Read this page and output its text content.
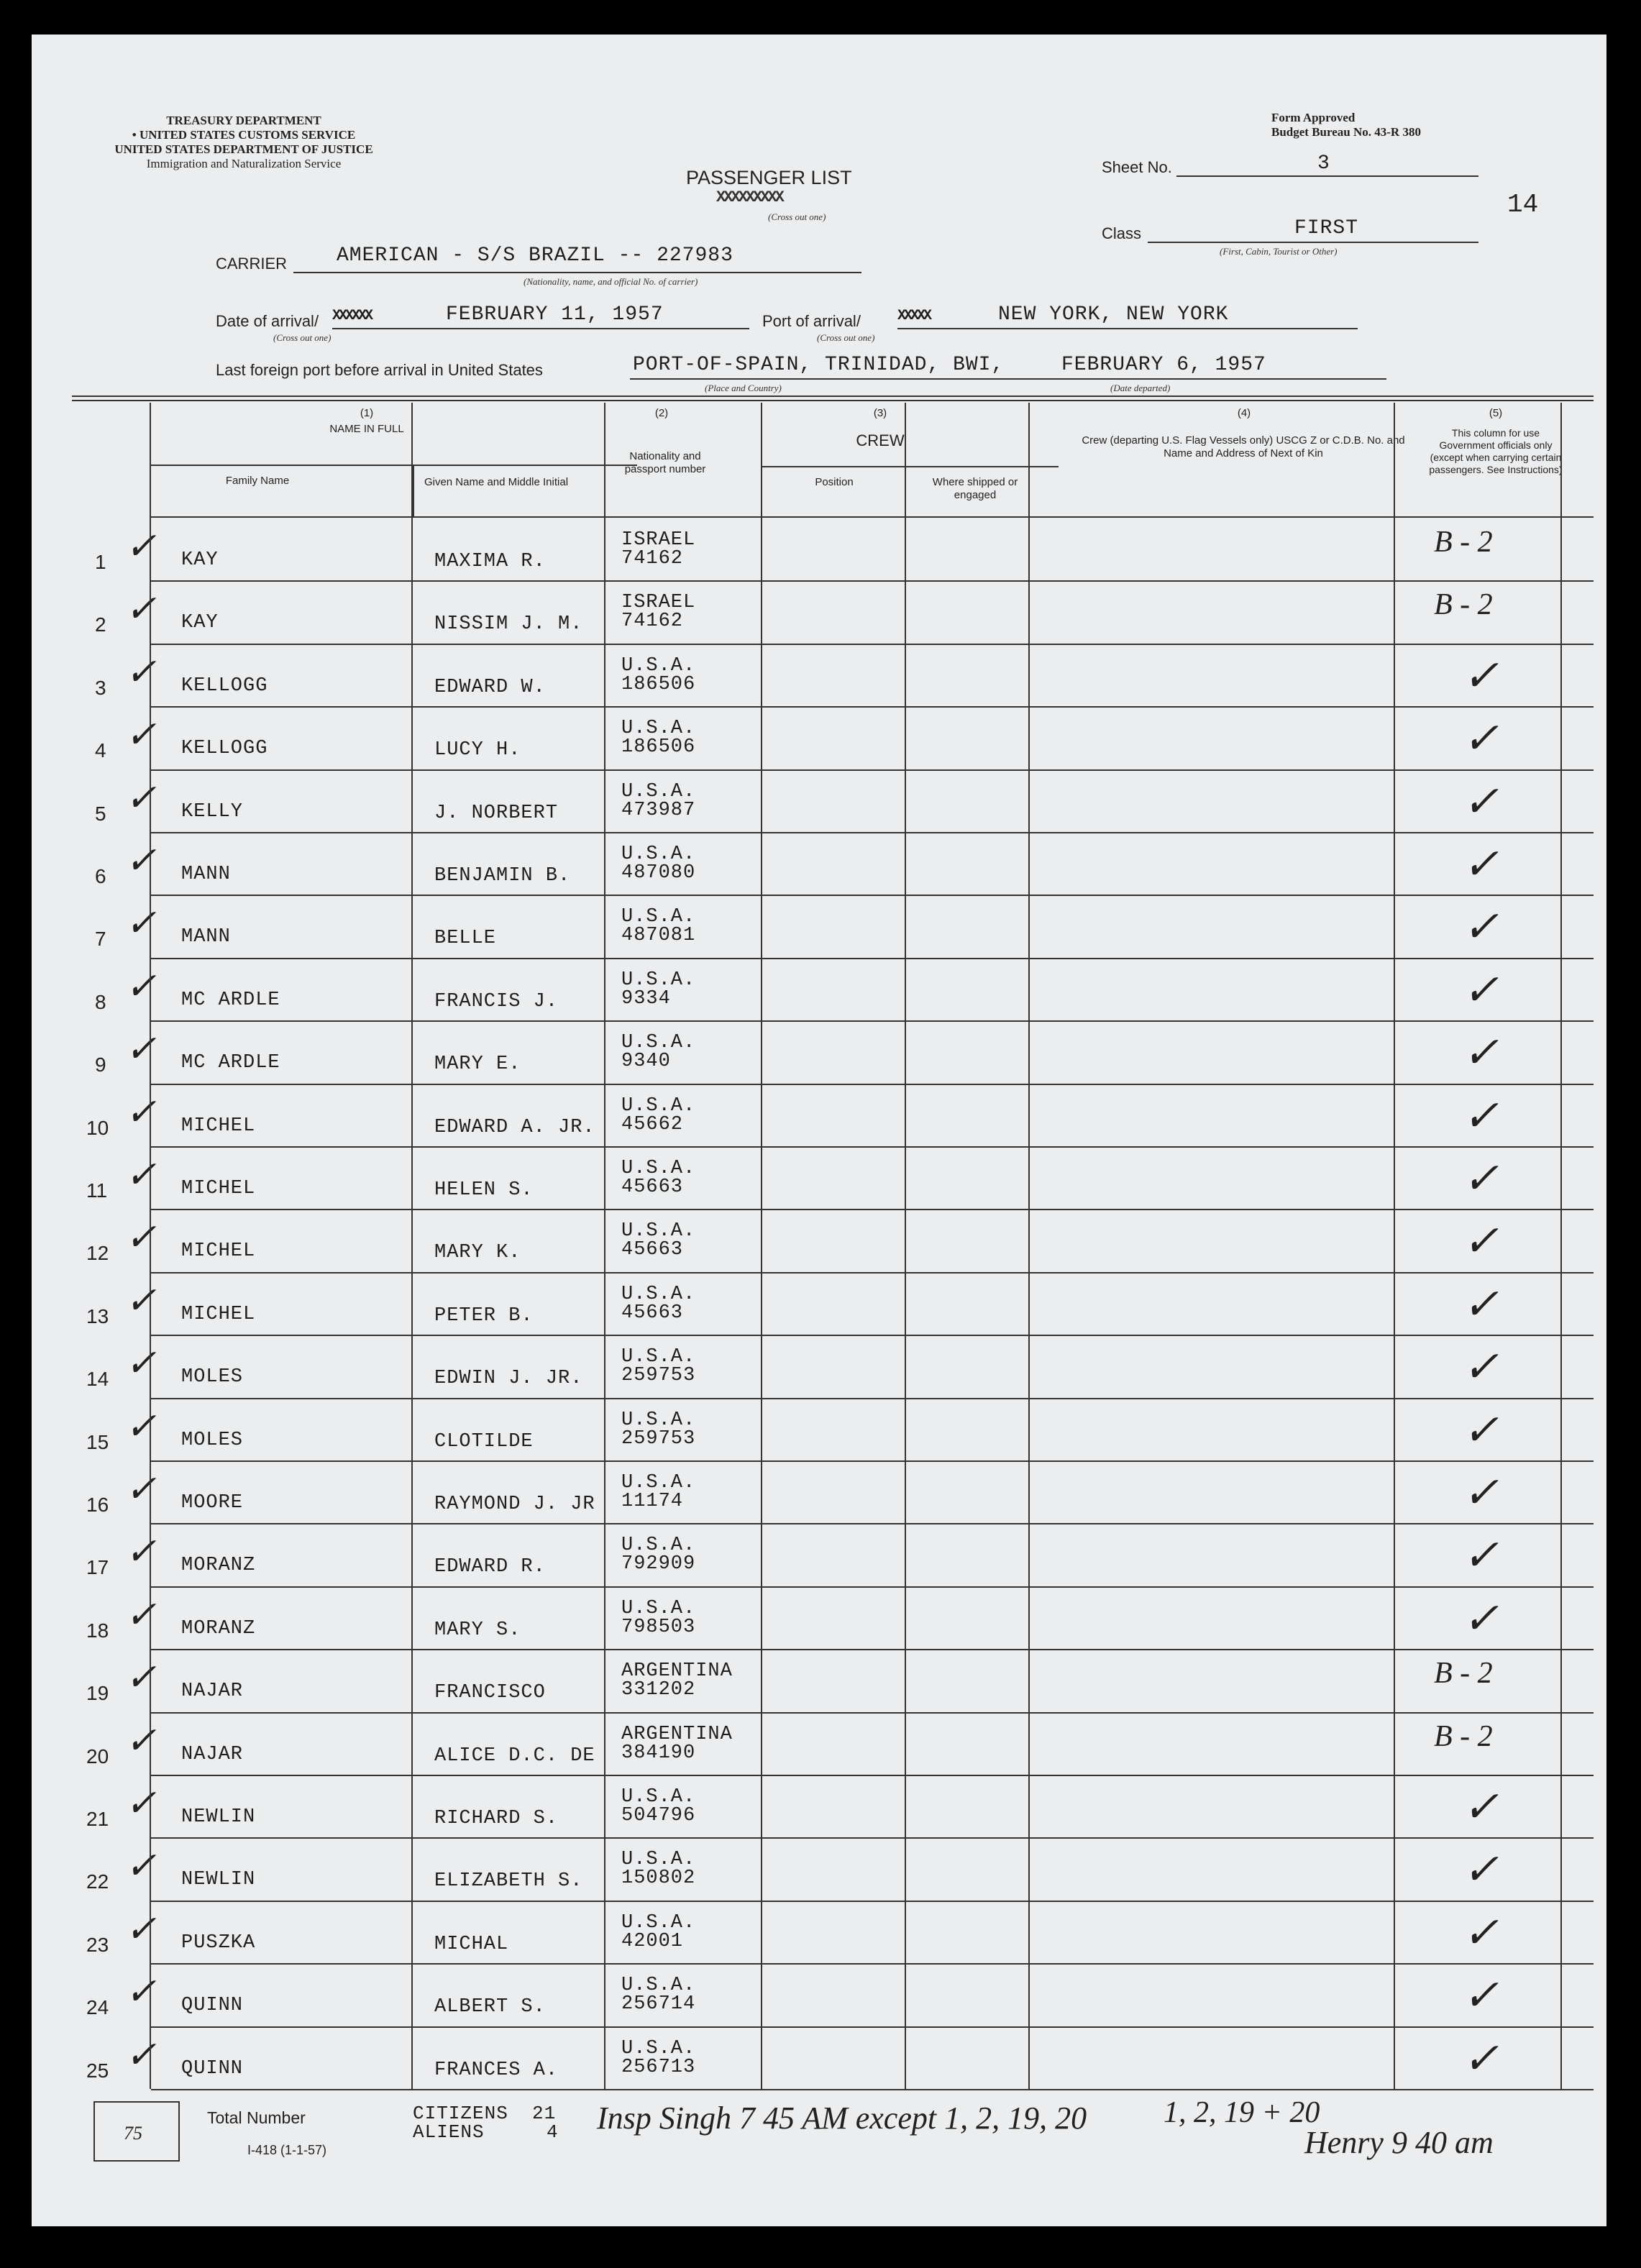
TREASURY DEPARTMENT
• UNITED STATES CUSTOMS SERVICE
UNITED STATES DEPARTMENT OF JUSTICE
Immigration and Naturalization Service
Form Approved
Budget Bureau No. 43-R 380
PASSENGER LIST
XXXXXXXXX
(Cross out one)
Sheet No.	3
14
Class	FIRST
(First, Cabin, Tourist or Other)
CARRIER AMERICAN - S/S BRAZIL -- 227983
(Nationality, name, and official No. of carrier)
Date of arrival/ XXXXXX	FEBRUARY 11, 1957
(Cross out one)
Port of arrival/	XXXXX	NEW YORK, NEW YORK
(Cross out one)
Last foreign port before arrival in United States	PORT-OF-SPAIN, TRINIDAD, BWI,
(Place and Country)
FEBRUARY 6, 1957
(Date departed)
(1)
NAME IN FULL
Family Name	Given Name and Middle Initial
(2)
Nationality and passport number
(3)
CREW
Position	Where shipped or engaged
(4)
Crew (departing U.S. Flag Vessels only) USCG Z or C.D.B. No. and Name and Address of Next of Kin
(5)
This column for use Government officials only (except when carrying certain passengers. See Instructions)
1	KAY	MAXIMA R.
ISRAEL
74162	B - 2
✓
2	KAY	NISSIM J. M.
ISRAEL
74162	B - 2
✓
3	KELLOGG	EDWARD W.
U.S.A.
186506	✓
✓
4	KELLOGG	LUCY H.
U.S.A.
186506	✓
✓
5	KELLY	J. NORBERT
U.S.A.
473987	✓
✓
6	MANN	BENJAMIN B.
U.S.A.
487080	✓
✓
7	MANN	BELLE
U.S.A.
487081	✓
✓
8	MC ARDLE	FRANCIS J.
U.S.A.
9334	✓
✓
9	MC ARDLE	MARY E.
U.S.A.
9340	✓
✓
10	MICHEL	EDWARD A. JR.
U.S.A.
45662	✓
✓
11	MICHEL	HELEN S.
U.S.A.
45663	✓
✓
12	MICHEL	MARY K.
U.S.A.
45663	✓
✓
13	MICHEL	PETER B.
U.S.A.
45663	✓
✓
14	MOLES	EDWIN J. JR.
U.S.A.
259753	✓
✓
15	MOLES	CLOTILDE
U.S.A.
259753	✓
✓
16	MOORE	RAYMOND J. JR
U.S.A.
11174	✓
✓
17	MORANZ	EDWARD R.
U.S.A.
792909	✓
✓
18	MORANZ	MARY S.
U.S.A.
798503	✓
✓
19	NAJAR	FRANCISCO
ARGENTINA
331202	B - 2
✓
20	NAJAR	ALICE D.C. DE
ARGENTINA
384190	B - 2
✓
21	NEWLIN	RICHARD S.
U.S.A.
504796	✓
✓
22	NEWLIN	ELIZABETH S.
U.S.A.
150802	✓
✓
23	PUSZKA	MICHAL
U.S.A.
42001	✓
✓
24	QUINN	ALBERT S.
U.S.A.
256714	✓
✓
25	QUINN	FRANCES A.
U.S.A.
256713	✓
✓
75
Total Number
I-418 (1-1-57)
CITIZENS 21
ALIENS	4 Insp Singh 7 45 AM except 1, 2, 19, 20	1, 2, 19 + 20
Henry 9 40 am
